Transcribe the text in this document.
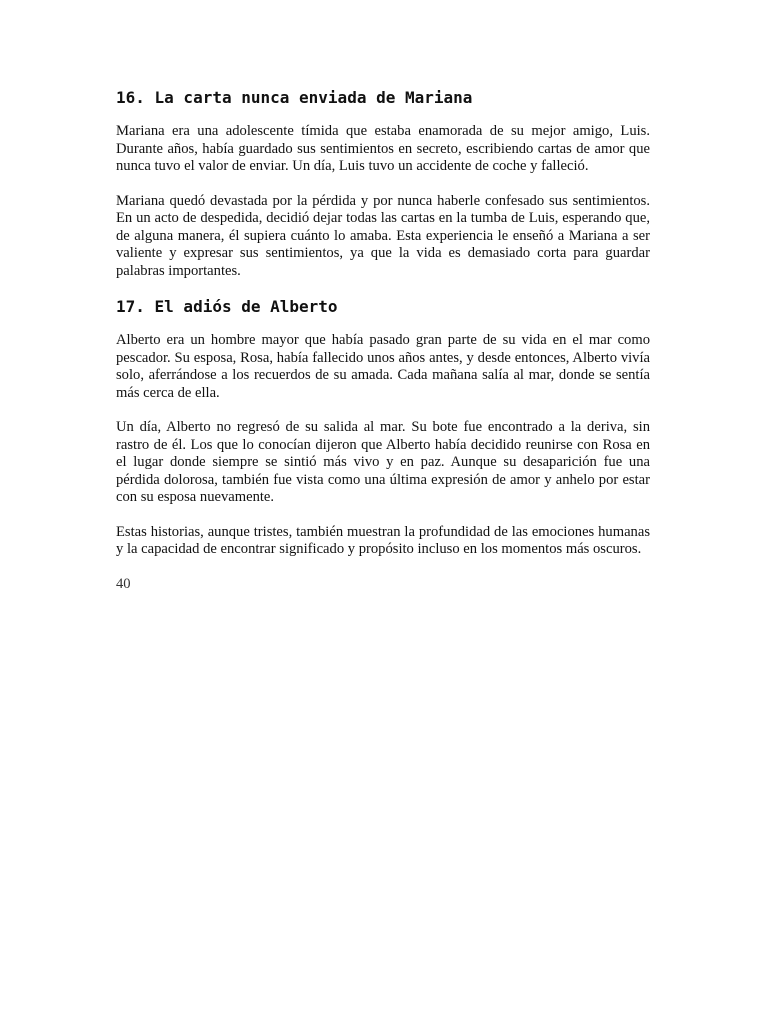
16. La carta nunca enviada de Mariana

Mariana era una adolescente tímida que estaba enamorada de su mejor amigo, Luis. Durante años, había guardado sus sentimientos en secreto, escribiendo cartas de amor que nunca tuvo el valor de enviar. Un día, Luis tuvo un accidente de coche y falleció.

Mariana quedó devastada por la pérdida y por nunca haberle confesado sus sentimientos. En un acto de despedida, decidió dejar todas las cartas en la tumba de Luis, esperando que, de alguna manera, él supiera cuánto lo amaba. Esta experiencia le enseñó a Mariana a ser valiente y expresar sus sentimientos, ya que la vida es demasiado corta para guardar palabras importantes.

17. El adiós de Alberto

Alberto era un hombre mayor que había pasado gran parte de su vida en el mar como pescador. Su esposa, Rosa, había fallecido unos años antes, y desde entonces, Alberto vivía solo, aferrándose a los recuerdos de su amada. Cada mañana salía al mar, donde se sentía más cerca de ella.

Un día, Alberto no regresó de su salida al mar. Su bote fue encontrado a la deriva, sin rastro de él. Los que lo conocían dijeron que Alberto había decidido reunirse con Rosa en el lugar donde siempre se sintió más vivo y en paz. Aunque su desaparición fue una pérdida dolorosa, también fue vista como una última expresión de amor y anhelo por estar con su esposa nuevamente.

Estas historias, aunque tristes, también muestran la profundidad de las emociones humanas y la capacidad de encontrar significado y propósito incluso en los momentos más oscuros.

40
